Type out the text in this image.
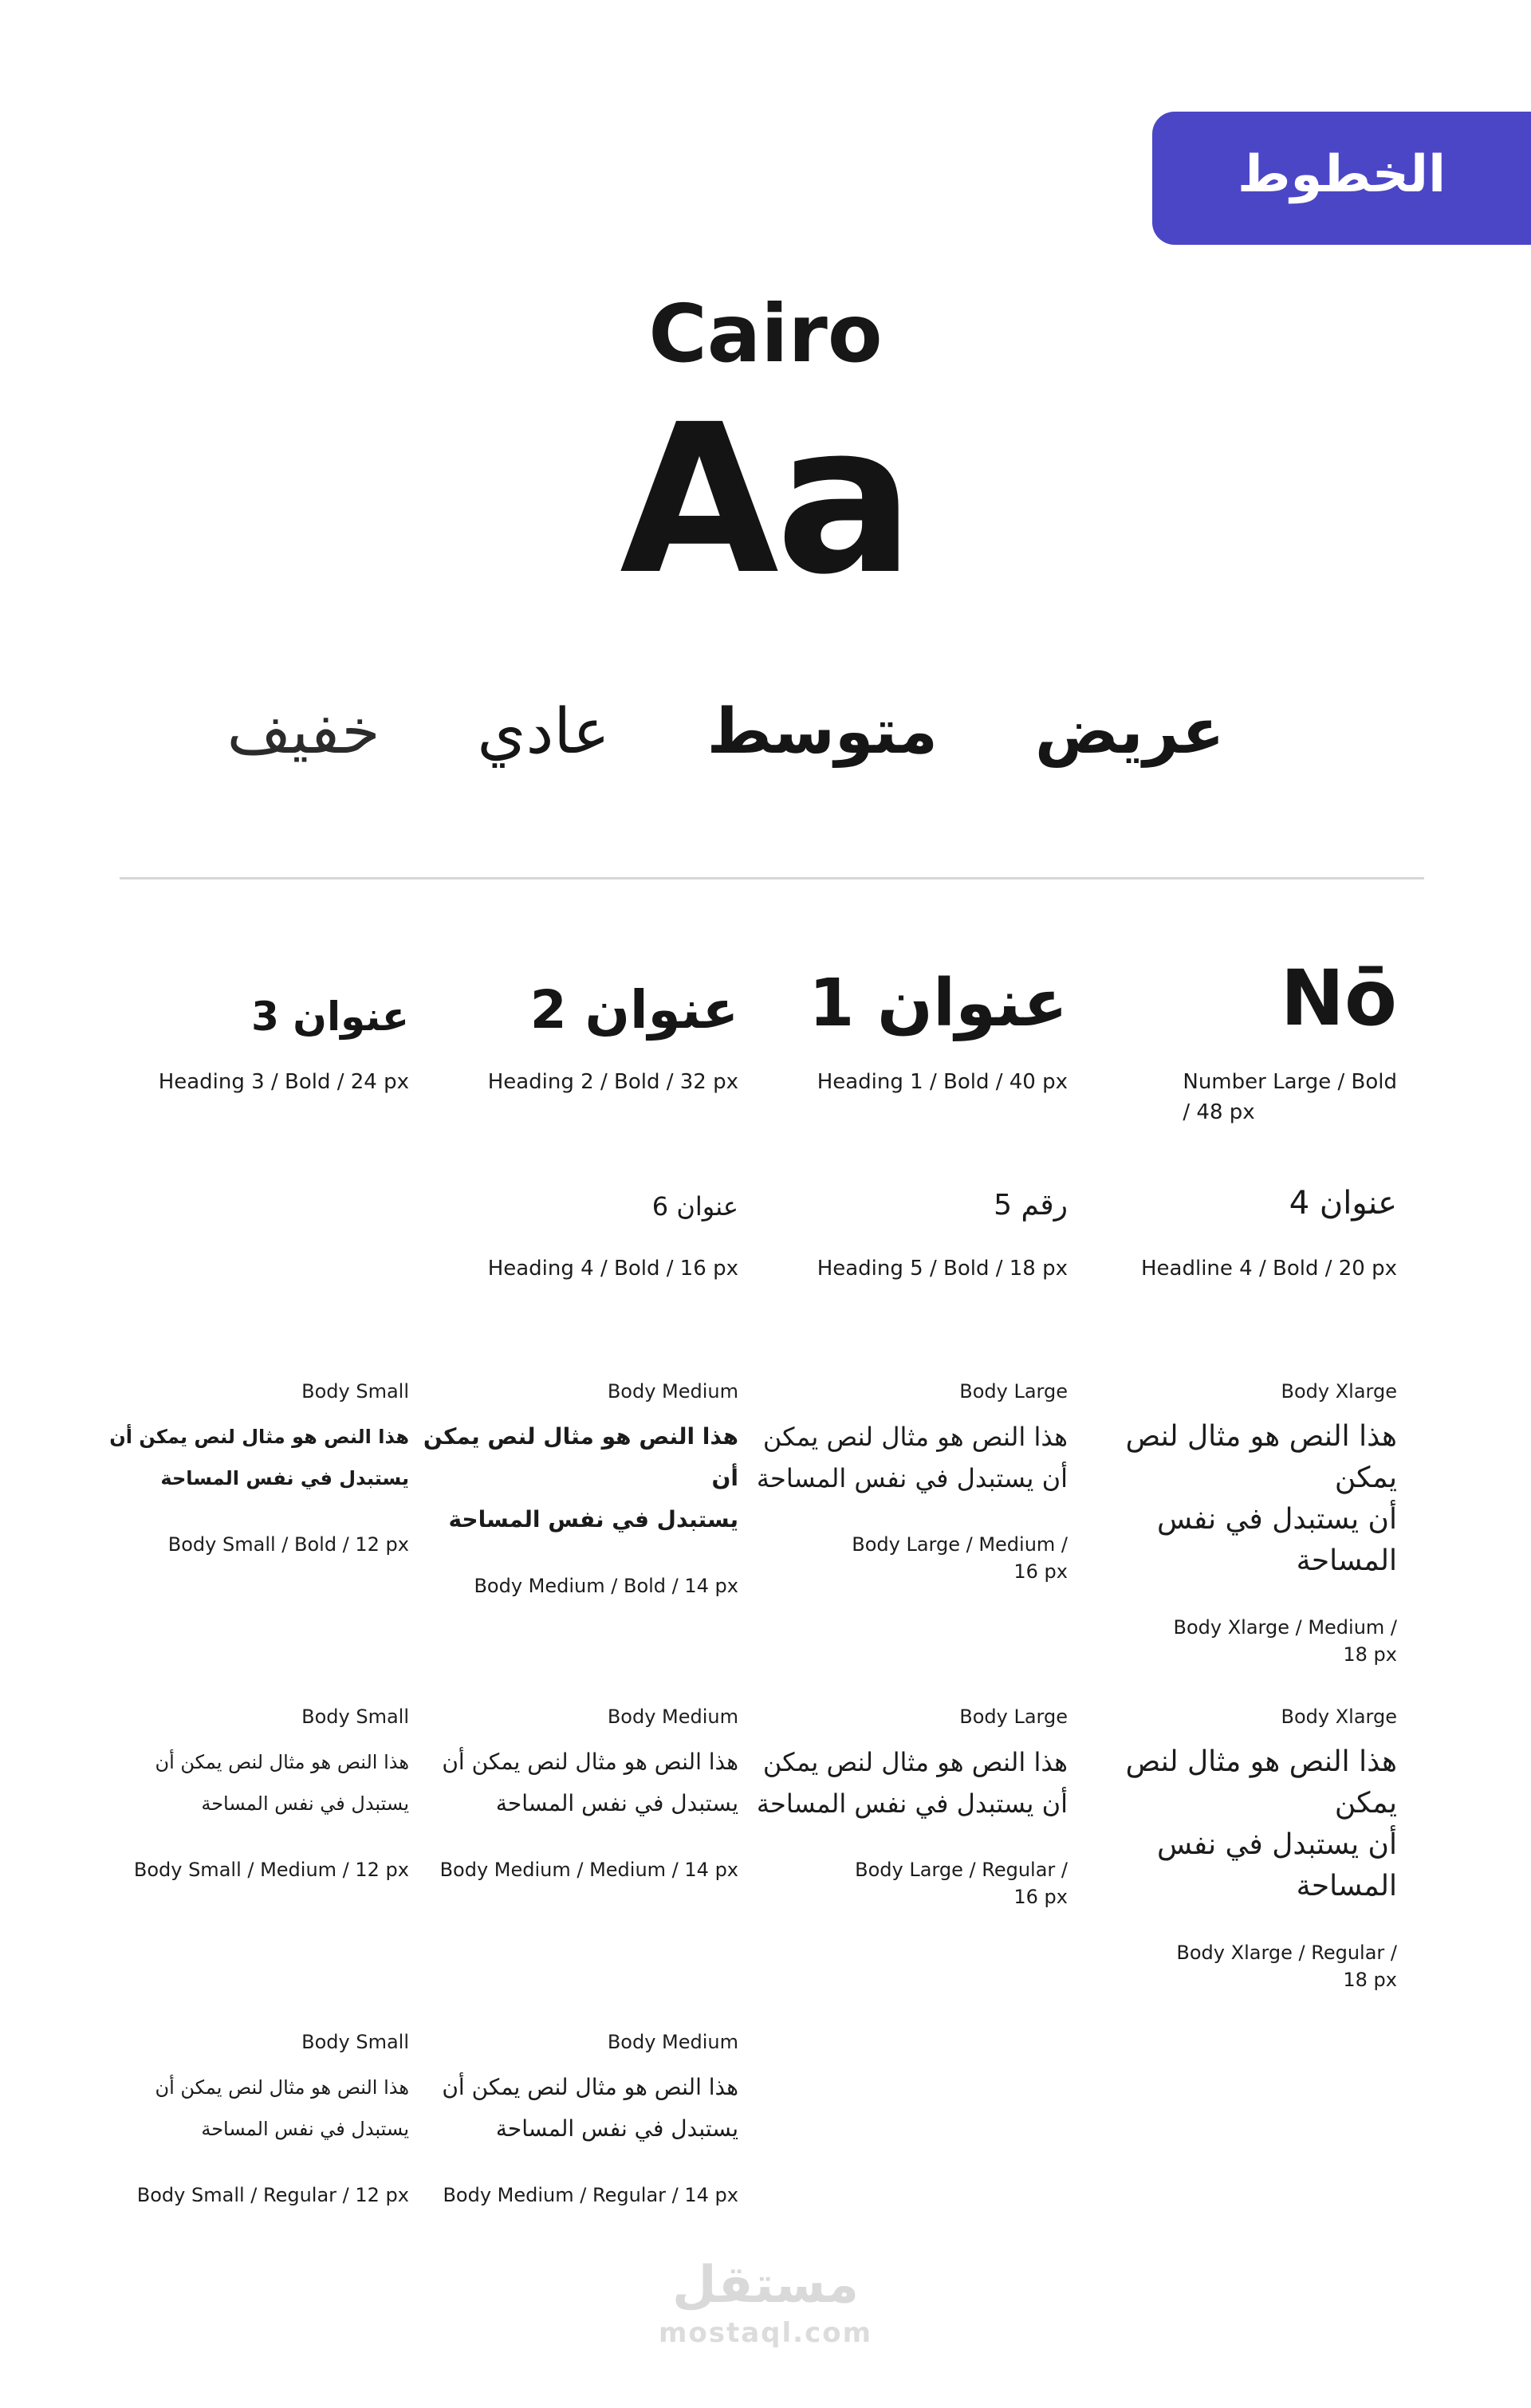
الخطوط
Cairo
Aa
عريض
متوسط
عادي
خفيف
Nō
Number Large / Bold
/ 48 px
عنوان 1
Heading 1 / Bold / 40 px
عنوان 2
Heading 2 / Bold / 32 px
عنوان 3
Heading 3 / Bold / 24 px
عنوان 4
Headline 4 / Bold / 20 px
رقم 5
Heading 5 / Bold / 18 px
عنوان 6
Heading 4 / Bold / 16 px
Body Xlarge
هذا النص هو مثال لنص يمكن
أن يستبدل في نفس المساحة
Body Xlarge / Medium /
18 px
Body Large
هذا النص هو مثال لنص يمكن
أن يستبدل في نفس المساحة
Body Large / Medium /
16 px
Body Medium
هذا النص هو مثال لنص يمكن أن
يستبدل في نفس المساحة
Body Medium / Bold / 14 px
Body Small
هذا النص هو مثال لنص يمكن أن
يستبدل في نفس المساحة
Body Small / Bold / 12 px
Body Xlarge
هذا النص هو مثال لنص يمكن
أن يستبدل في نفس المساحة
Body Xlarge / Regular /
18 px
Body Large
هذا النص هو مثال لنص يمكن
أن يستبدل في نفس المساحة
Body Large / Regular /
16 px
Body Medium
هذا النص هو مثال لنص يمكن أن
يستبدل في نفس المساحة
Body Medium / Medium / 14 px
Body Small
هذا النص هو مثال لنص يمكن أن
يستبدل في نفس المساحة
Body Small / Medium / 12 px
Body Medium
هذا النص هو مثال لنص يمكن أن
يستبدل في نفس المساحة
Body Medium / Regular / 14 px
Body Small
هذا النص هو مثال لنص يمكن أن
يستبدل في نفس المساحة
Body Small / Regular / 12 px
مستقل
mostaql.com
